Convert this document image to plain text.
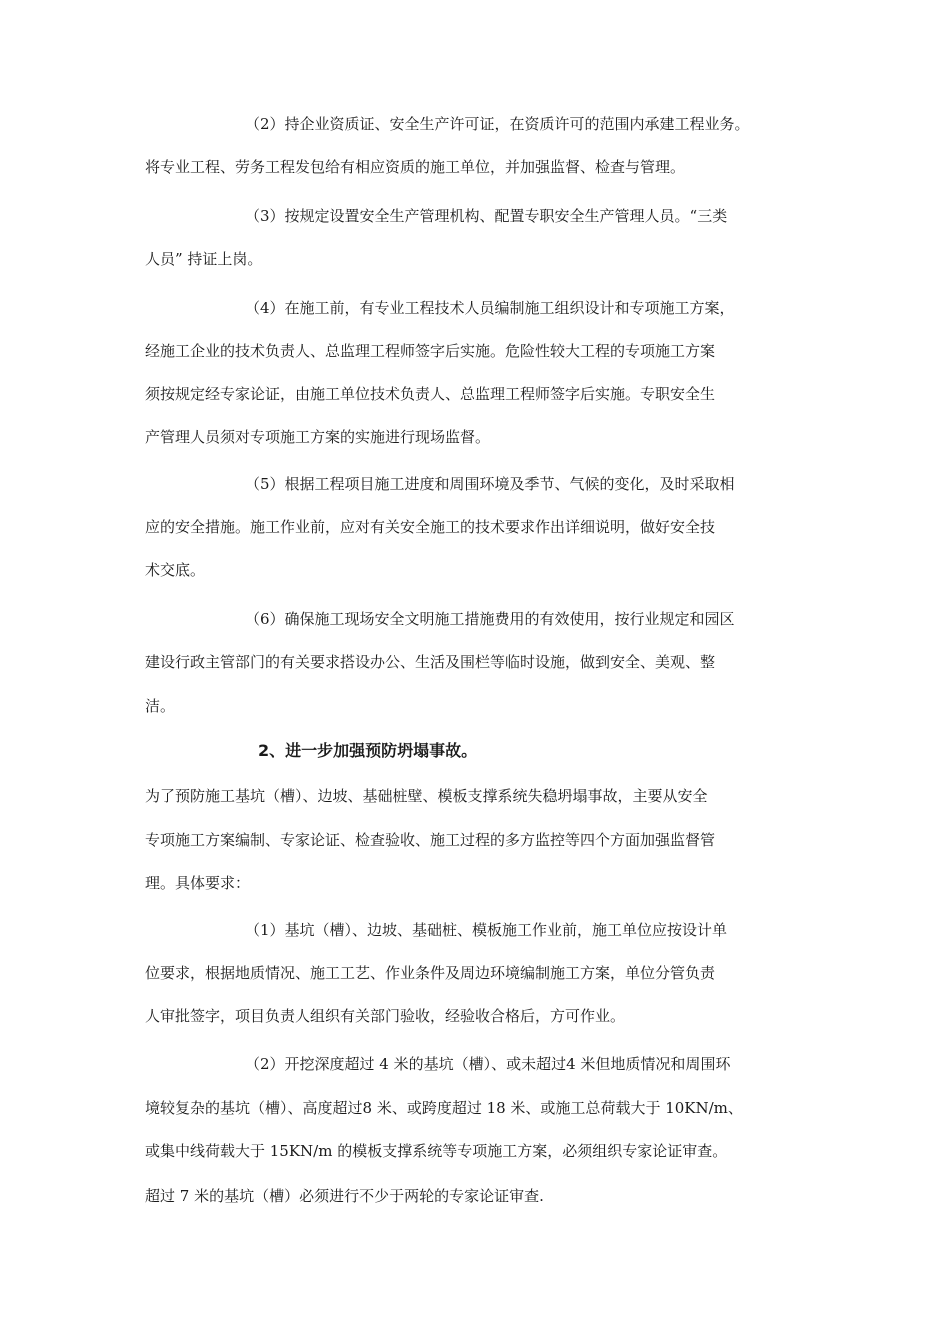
（2）持企业资质证、安全生产许可证，在资质许可的范围内承建工程业务。

将专业工程、劳务工程发包给有相应资质的施工单位，并加强监督、检查与管理。

（3）按规定设置安全生产管理机构、配置专职安全生产管理人员。“三类

人员” 持证上岗。

（4）在施工前，有专业工程技术人员编制施工组织设计和专项施工方案，

经施工企业的技术负责人、总监理工程师签字后实施。危险性较大工程的专项施工方案

须按规定经专家论证，由施工单位技术负责人、总监理工程师签字后实施。专职安全生

产管理人员须对专项施工方案的实施进行现场监督。

（5）根据工程项目施工进度和周围环境及季节、气候的变化，及时采取相

应的安全措施。施工作业前，应对有关安全施工的技术要求作出详细说明，做好安全技

术交底。

（6）确保施工现场安全文明施工措施费用的有效使用，按行业规定和园区

建设行政主管部门的有关要求搭设办公、生活及围栏等临时设施，做到安全、美观、整

洁。

2、进一步加强预防坍塌事故。

为了预防施工基坑（槽）、边坡、基础桩壁、模板支撑系统失稳坍塌事故，主要从安全

专项施工方案编制、专家论证、检查验收、施工过程的多方监控等四个方面加强监督管

理。具体要求：

（1）基坑（槽）、边坡、基础桩、模板施工作业前，施工单位应按设计单

位要求，根据地质情况、施工工艺、作业条件及周边环境编制施工方案，单位分管负责

人审批签字，项目负责人组织有关部门验收，经验收合格后，方可作业。

（2）开挖深度超过 4 米的基坑（槽）、或未超过4 米但地质情况和周围环

境较复杂的基坑（槽）、高度超过8 米、或跨度超过 18 米、或施工总荷载大于 10KN/m、

或集中线荷载大于 15KN/m 的模板支撑系统等专项施工方案，必须组织专家论证审查。

超过 7 米的基坑（槽）必须进行不少于两轮的专家论证审查.
